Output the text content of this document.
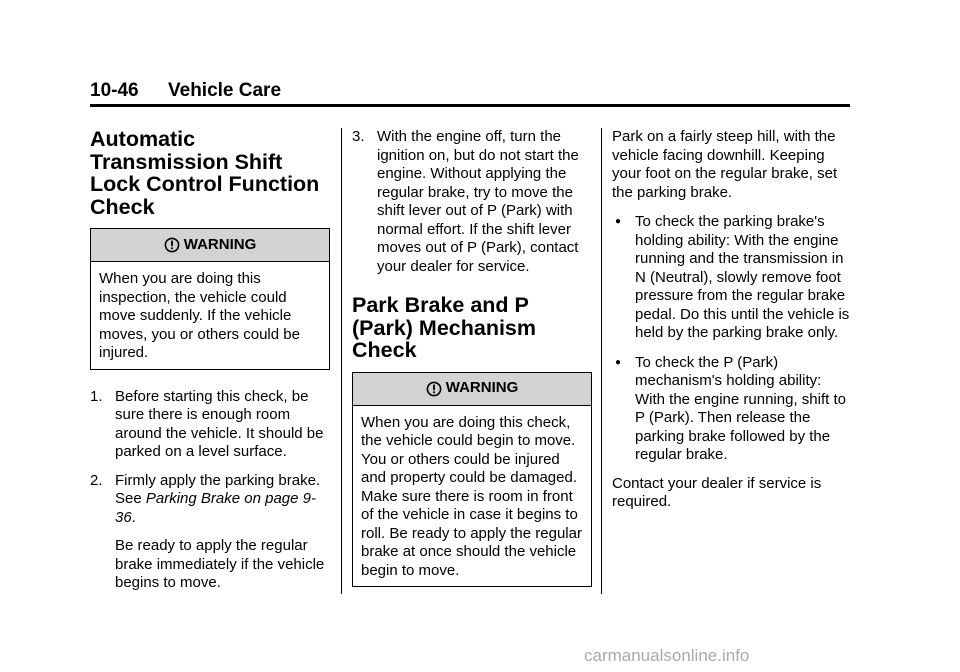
10-46 Vehicle Care
Automatic Transmission Shift Lock Control Function Check
WARNING
When you are doing this inspection, the vehicle could move suddenly. If the vehicle moves, you or others could be injured.
1. Before starting this check, be sure there is enough room around the vehicle. It should be parked on a level surface.
2. Firmly apply the parking brake. See Parking Brake on page 9-36.
Be ready to apply the regular brake immediately if the vehicle begins to move.
3. With the engine off, turn the ignition on, but do not start the engine. Without applying the regular brake, try to move the shift lever out of P (Park) with normal effort. If the shift lever moves out of P (Park), contact your dealer for service.
Park Brake and P (Park) Mechanism Check
WARNING
When you are doing this check, the vehicle could begin to move. You or others could be injured and property could be damaged. Make sure there is room in front of the vehicle in case it begins to roll. Be ready to apply the regular brake at once should the vehicle begin to move.
Park on a fairly steep hill, with the vehicle facing downhill. Keeping your foot on the regular brake, set the parking brake.
● To check the parking brake's holding ability: With the engine running and the transmission in N (Neutral), slowly remove foot pressure from the regular brake pedal. Do this until the vehicle is held by the parking brake only.
● To check the P (Park) mechanism's holding ability: With the engine running, shift to P (Park). Then release the parking brake followed by the regular brake.
Contact your dealer if service is required.
carmanualsonline.info
